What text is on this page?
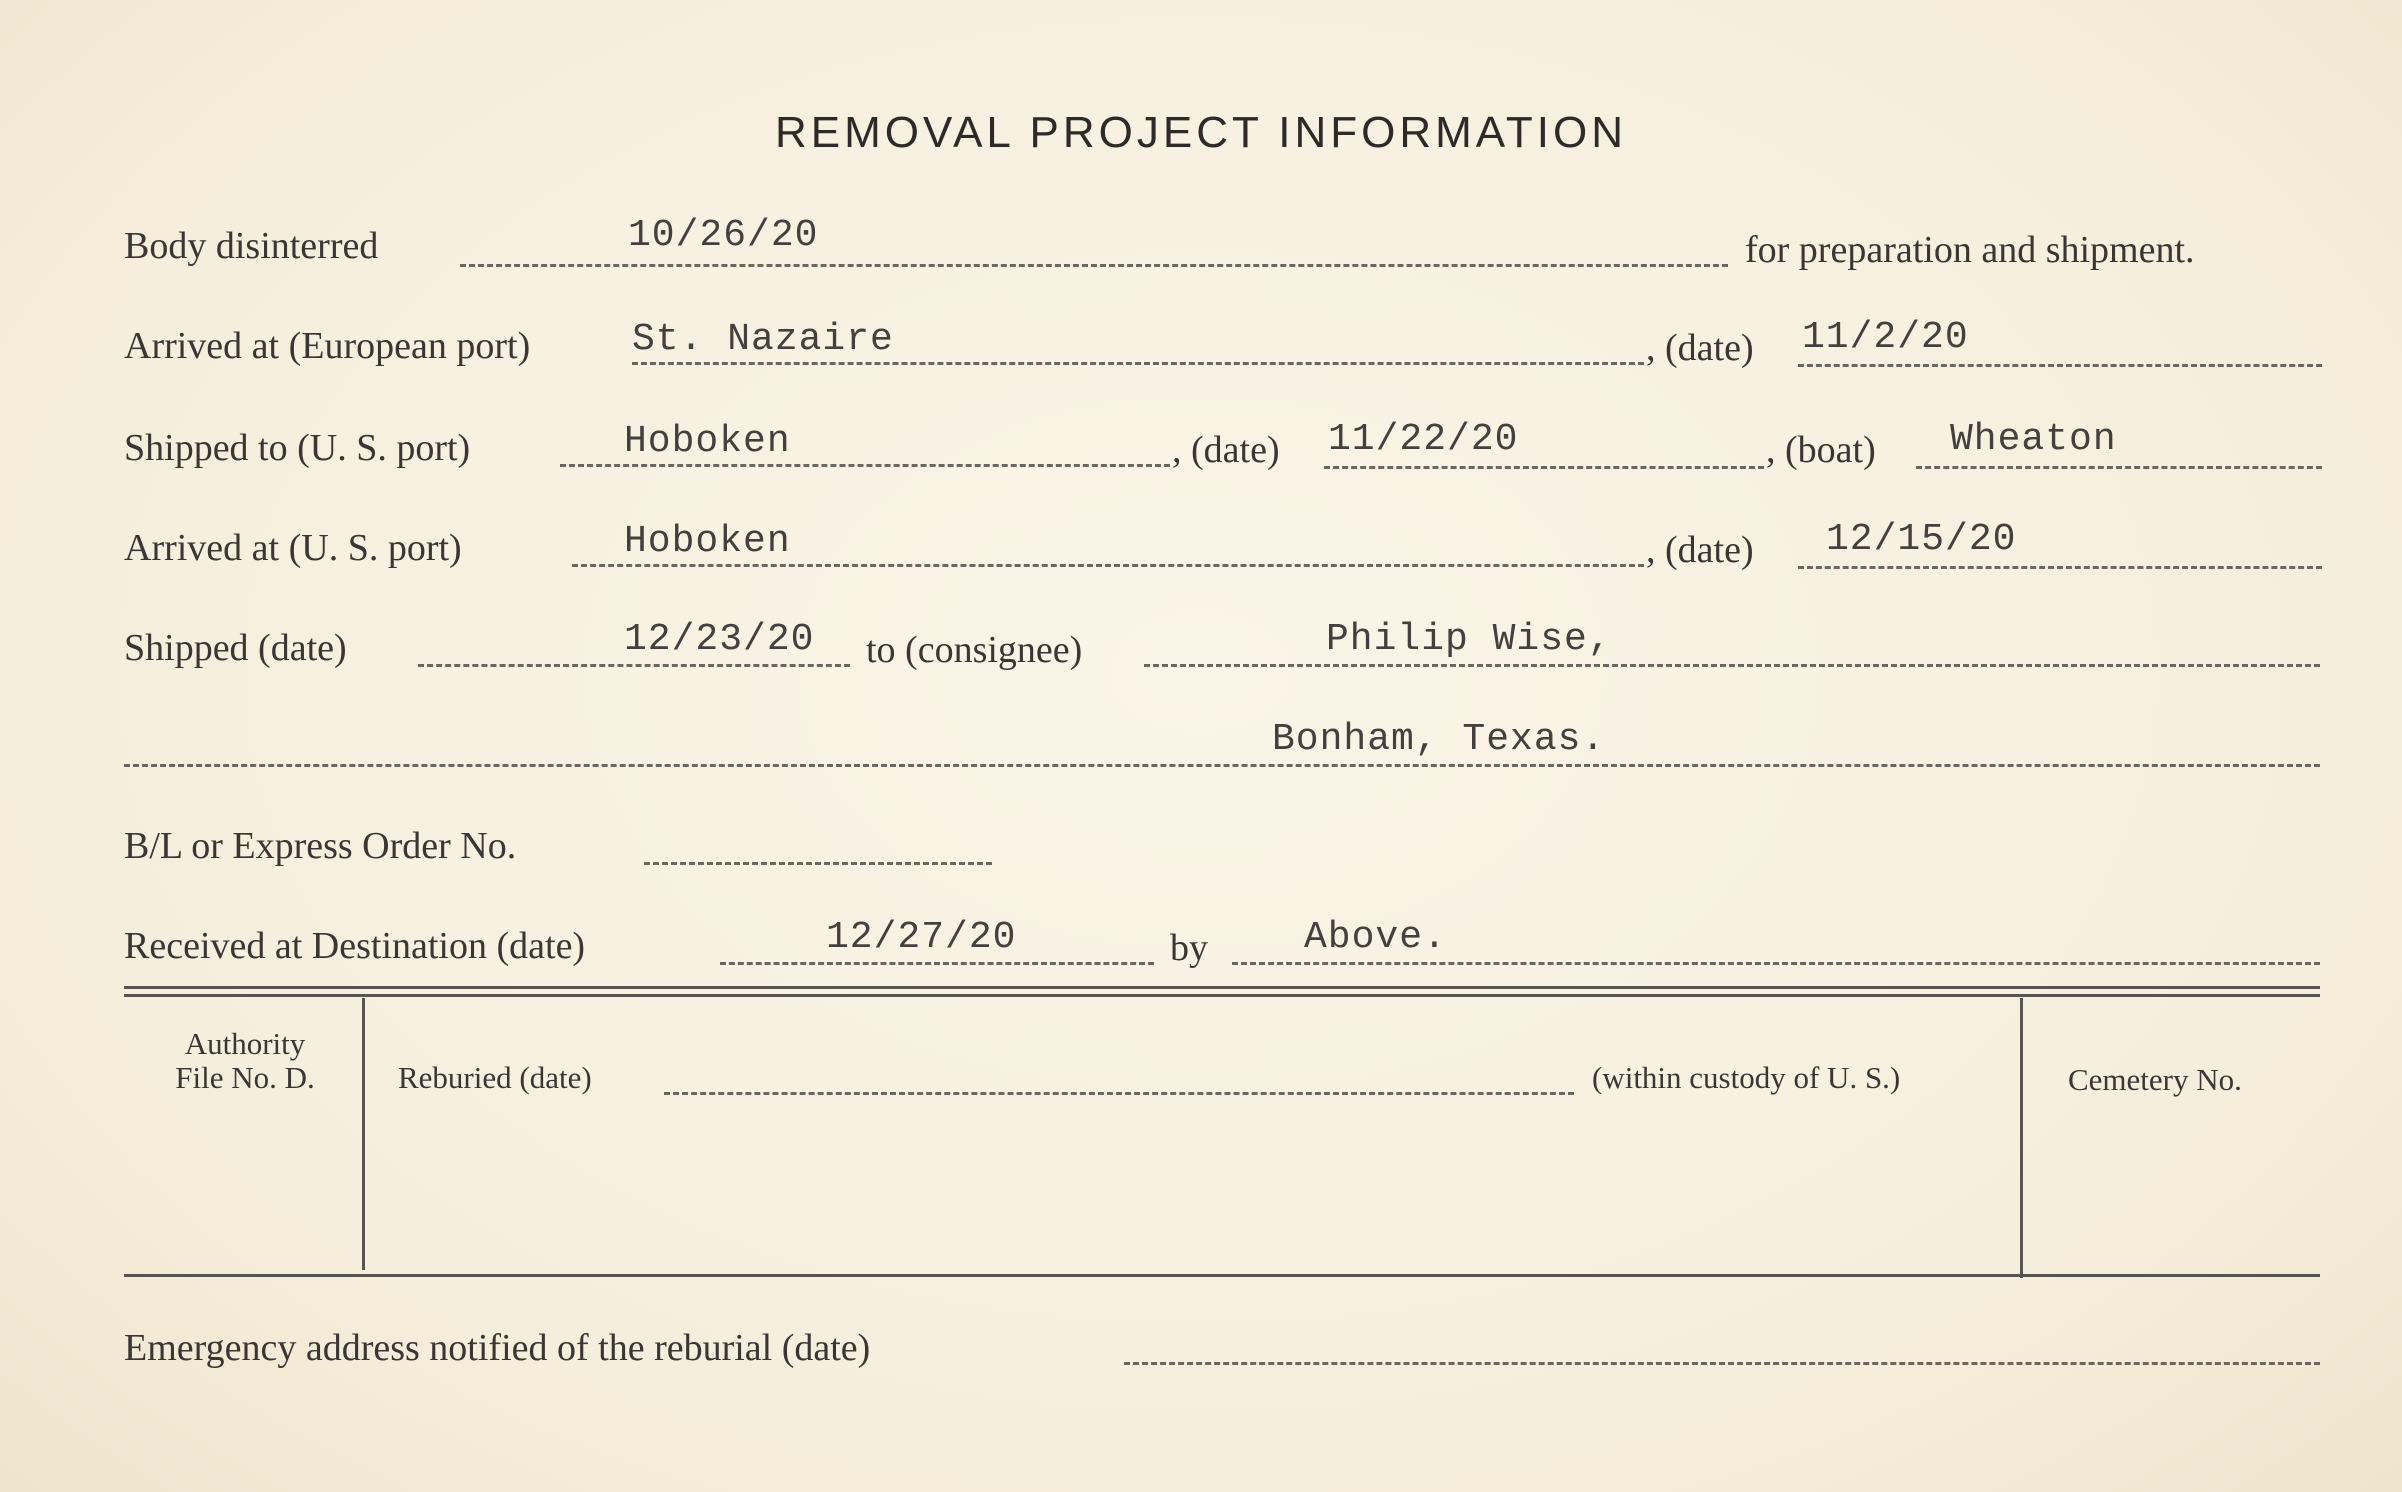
REMOVAL PROJECT INFORMATION
Body disinterred	10/26/20	for preparation and shipment.
Arrived at (European port)	St. Nazaire	, (date) 11/2/20
Shipped to (U. S. port)	Hoboken	, (date) 11/22/20	, (boat) Wheaton
Arrived at (U. S. port)	Hoboken	, (date) 12/15/20
Shipped (date)	12/23/20 to (consignee)	Philip Wise,
Bonham, Texas.
B/L or Express Order No.
Received at Destination (date)	12/27/20	by	Above.
Authority
File No. D.	Reburied (date)	(within custody of U. S.)	Cemetery No.
Emergency address notified of the reburial (date)
